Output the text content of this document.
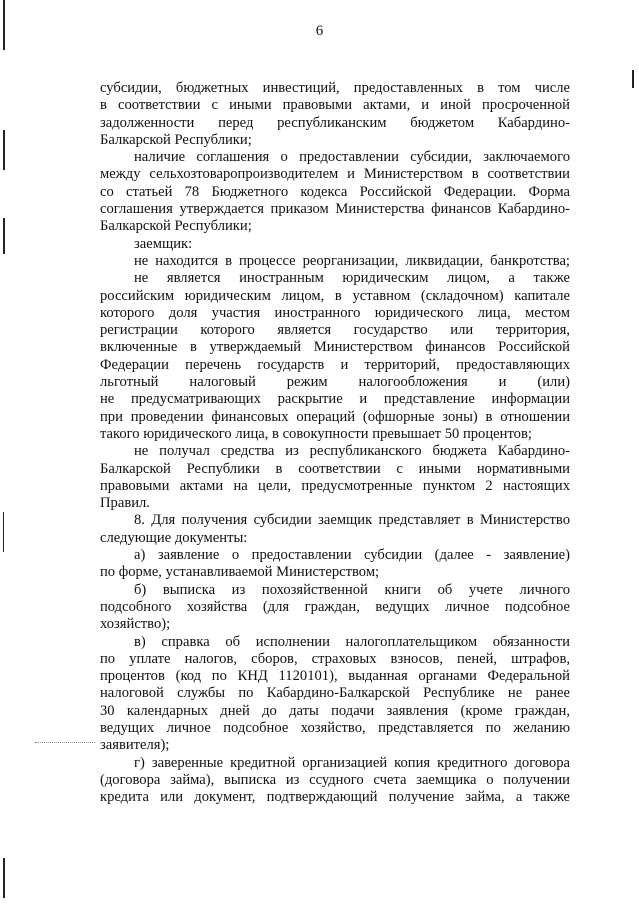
6
субсидии, бюджетных инвестиций, предоставленных в том числе
в соответствии с иными правовыми актами, и иной просроченной
задолженности перед республиканским бюджетом Кабардино-
Балкарской Республики;
наличие соглашения о предоставлении субсидии, заключаемого
между сельхозтоваропроизводителем и Министерством в соответствии
со статьей 78 Бюджетного кодекса Российской Федерации. Форма
соглашения утверждается приказом Министерства финансов Кабардино-
Балкарской Республики;
заемщик:
не находится в процессе реорганизации, ликвидации, банкротства;
не является иностранным юридическим лицом, а также
российским юридическим лицом, в уставном (складочном) капитале
которого доля участия иностранного юридического лица, местом
регистрации которого является государство или территория,
включенные в утверждаемый Министерством финансов Российской
Федерации перечень государств и территорий, предоставляющих
льготный налоговый режим налогообложения и (или)
не предусматривающих раскрытие и представление информации
при проведении финансовых операций (офшорные зоны) в отношении
такого юридического лица, в совокупности превышает 50 процентов;
не получал средства из республиканского бюджета Кабардино-
Балкарской Республики в соответствии с иными нормативными
правовыми актами на цели, предусмотренные пунктом 2 настоящих
Правил.
8. Для получения субсидии заемщик представляет в Министерство
следующие документы:
а) заявление о предоставлении субсидии (далее - заявление)
по форме, устанавливаемой Министерством;
б) выписка из похозяйственной книги об учете личного
подсобного хозяйства (для граждан, ведущих личное подсобное
хозяйство);
в) справка об исполнении налогоплательщиком обязанности
по уплате налогов, сборов, страховых взносов, пеней, штрафов,
процентов (код по КНД 1120101), выданная органами Федеральной
налоговой службы по Кабардино-Балкарской Республике не ранее
30 календарных дней до даты подачи заявления (кроме граждан,
ведущих личное подсобное хозяйство, представляется по желанию
заявителя);
г) заверенные кредитной организацией копия кредитного договора
(договора займа), выписка из ссудного счета заемщика о получении
кредита или документ, подтверждающий получение займа, а также
